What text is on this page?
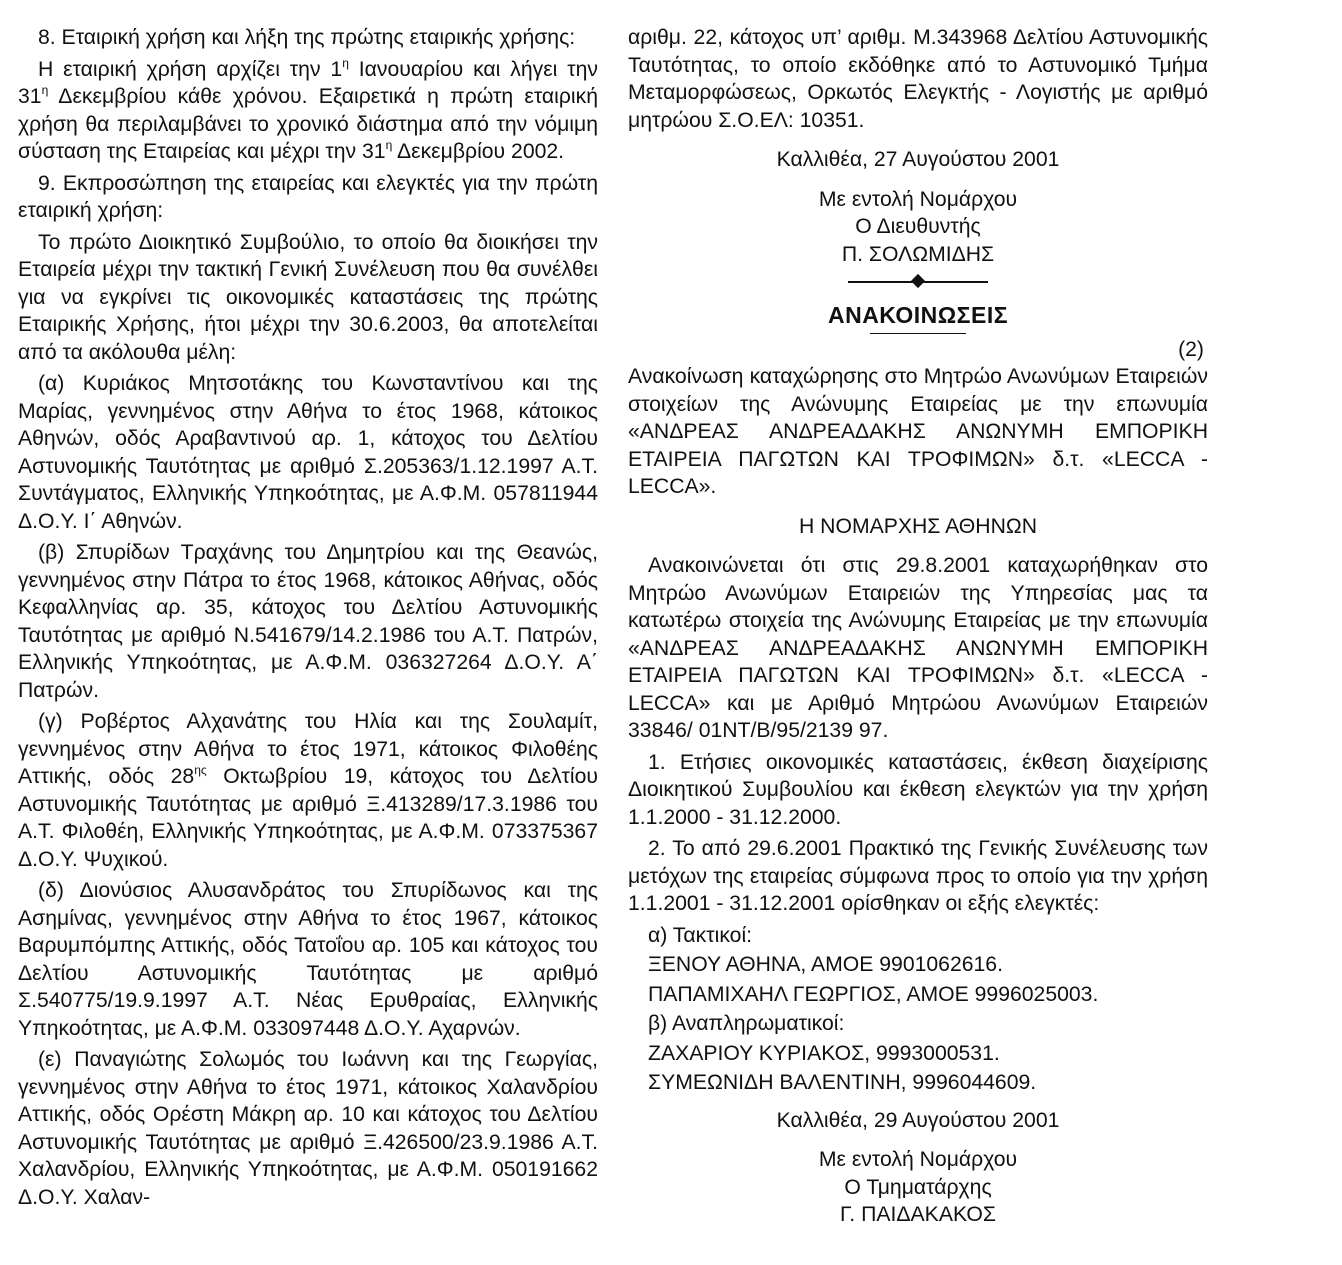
8. Εταιρική χρήση και λήξη της πρώτης εταιρικής χρήσης:

Η εταιρική χρήση αρχίζει την $1^\eta$ Ιανουαρίου και λήγει την $31^\eta$ Δεκεμβρίου κάθε χρόνου. Εξαιρετικά η πρώτη εταιρική χρήση θα περιλαμβάνει το χρονικό διάστημα από την νόμιμη σύσταση της Εταιρείας και μέχρι την $31^\eta$ Δεκεμβρίου 2002.

9. Εκπροσώπηση της εταιρείας και ελεγκτές για την πρώτη εταιρική χρήση:

Το πρώτο Διοικητικό Συμβούλιο, το οποίο θα διοικήσει την Εταιρεία μέχρι την τακτική Γενική Συνέλευση που θα συνέλθει για να εγκρίνει τις οικονομικές καταστάσεις της πρώτης Εταιρικής Χρήσης, ήτοι μέχρι την 30.6.2003, θα αποτελείται από τα ακόλουθα μέλη:

(α) Κυριάκος Μητσοτάκης του Κωνσταντίνου και της Μαρίας, γεννημένος στην Αθήνα το έτος 1968, κάτοικος Αθηνών, οδός Αραβαντινού αρ. 1, κάτοχος του Δελτίου Αστυνομικής Ταυτότητας με αριθμό Σ.205363/1.12.1997 Α.Τ. Συντάγματος, Ελληνικής Υπηκοότητας, με Α.Φ.Μ. 057811944 Δ.Ο.Υ. Ι΄ Αθηνών.

(β) Σπυρίδων Τραχάνης του Δημητρίου και της Θεανώς, γεννημένος στην Πάτρα το έτος 1968, κάτοικος Αθήνας, οδός Κεφαλληνίας αρ. 35, κάτοχος του Δελτίου Αστυνομικής Ταυτότητας με αριθμό Ν.541679/14.2.1986 του Α.Τ. Πατρών, Ελληνικής Υπηκοότητας, με Α.Φ.Μ. 036327264 Δ.Ο.Υ. Α΄ Πατρών.

(γ) Ροβέρτος Αλχανάτης του Ηλία και της Σουλαμίτ, γεννημένος στην Αθήνα το έτος 1971, κάτοικος Φιλοθέης Αττικής, οδός $28^{\eta\varsigma}$ Οκτωβρίου 19, κάτοχος του Δελτίου Αστυνομικής Ταυτότητας με αριθμό Ξ.413289/17.3.1986 του Α.Τ. Φιλοθέη, Ελληνικής Υπηκοότητας, με Α.Φ.Μ. 073375367 Δ.Ο.Υ. Ψυχικού.

(δ) Διονύσιος Αλυσανδράτος του Σπυρίδωνος και της Ασημίνας, γεννημένος στην Αθήνα το έτος 1967, κάτοικος Βαρυμπόμπης Αττικής, οδός Τατοΐου αρ. 105 και κάτοχος του Δελτίου Αστυνομικής Ταυτότητας με αριθμό Σ.540775/19.9.1997 Α.Τ. Νέας Ερυθραίας, Ελληνικής Υπηκοότητας, με Α.Φ.Μ. 033097448 Δ.Ο.Υ. Αχαρνών.

(ε) Παναγιώτης Σολωμός του Ιωάννη και της Γεωργίας, γεννημένος στην Αθήνα το έτος 1971, κάτοικος Χαλανδρίου Αττικής, οδός Ορέστη Μάκρη αρ. 10 και κάτοχος του Δελτίου Αστυνομικής Ταυτότητας με αριθμό Ξ.426500/23.9.1986 Α.Τ. Χαλανδρίου, Ελληνικής Υπηκοότητας, με Α.Φ.Μ. 050191662 Δ.Ο.Υ. Χαλαν-

αριθμ. 22, κάτοχος υπ’ αριθμ. Μ.343968 Δελτίου Αστυνομικής Ταυτότητας, το οποίο εκδόθηκε από το Αστυνομικό Τμήμα Μεταμορφώσεως, Ορκωτός Ελεγκτής - Λογιστής με αριθμό μητρώου Σ.Ο.ΕΛ: 10351.

Καλλιθέα, 27 Αυγούστου 2001

Με εντολή Νομάρχου

Ο Διευθυντής

Π. ΣΟΛΩΜΙΔΗΣ

ΑΝΑΚΟΙΝΩΣΕΙΣ

(2)

Ανακοίνωση καταχώρησης στο Μητρώο Ανωνύμων Εταιρειών στοιχείων της Ανώνυμης Εταιρείας με την επωνυμία «ΑΝΔΡΕΑΣ ΑΝΔΡΕΑΔΑΚΗΣ ΑΝΩΝΥΜΗ ΕΜΠΟΡΙΚΗ ΕΤΑΙΡΕΙΑ ΠΑΓΩΤΩΝ ΚΑΙ ΤΡΟΦΙΜΩΝ» δ.τ. «LECCA - LECCA».

Η ΝΟΜΑΡΧΗΣ ΑΘΗΝΩΝ

Ανακοινώνεται ότι στις 29.8.2001 καταχωρήθηκαν στο Μητρώο Ανωνύμων Εταιρειών της Υπηρεσίας μας τα κατωτέρω στοιχεία της Ανώνυμης Εταιρείας με την επωνυμία «ΑΝΔΡΕΑΣ ΑΝΔΡΕΑΔΑΚΗΣ ΑΝΩΝΥΜΗ ΕΜΠΟΡΙΚΗ ΕΤΑΙΡΕΙΑ ΠΑΓΩΤΩΝ ΚΑΙ ΤΡΟΦΙΜΩΝ» δ.τ. «LECCA - LECCA» και με Αριθμό Μητρώου Ανωνύμων Εταιρειών 33846/ 01ΝΤ/Β/95/2139 97.

1. Ετήσιες οικονομικές καταστάσεις, έκθεση διαχείρισης Διοικητικού Συμβουλίου και έκθεση ελεγκτών για την χρήση 1.1.2000 - 31.12.2000.

2. Το από 29.6.2001 Πρακτικό της Γενικής Συνέλευσης των μετόχων της εταιρείας σύμφωνα προς το οποίο για την χρήση 1.1.2001 - 31.12.2001 ορίσθηκαν οι εξής ελεγκτές:

α) Τακτικοί:

ΞΕΝΟΥ ΑΘΗΝΑ, ΑΜΟΕ 9901062616.

ΠΑΠΑΜΙΧΑΗΛ ΓΕΩΡΓΙΟΣ, ΑΜΟΕ 9996025003.

β) Αναπληρωματικοί:

ΖΑΧΑΡΙΟΥ ΚΥΡΙΑΚΟΣ, 9993000531.

ΣΥΜΕΩΝΙΔΗ ΒΑΛΕΝΤΙΝΗ, 9996044609.

Καλλιθέα, 29 Αυγούστου 2001

Με εντολή Νομάρχου

Ο Τμηματάρχης

Γ. ΠΑΙΔΑΚΑΚΟΣ
